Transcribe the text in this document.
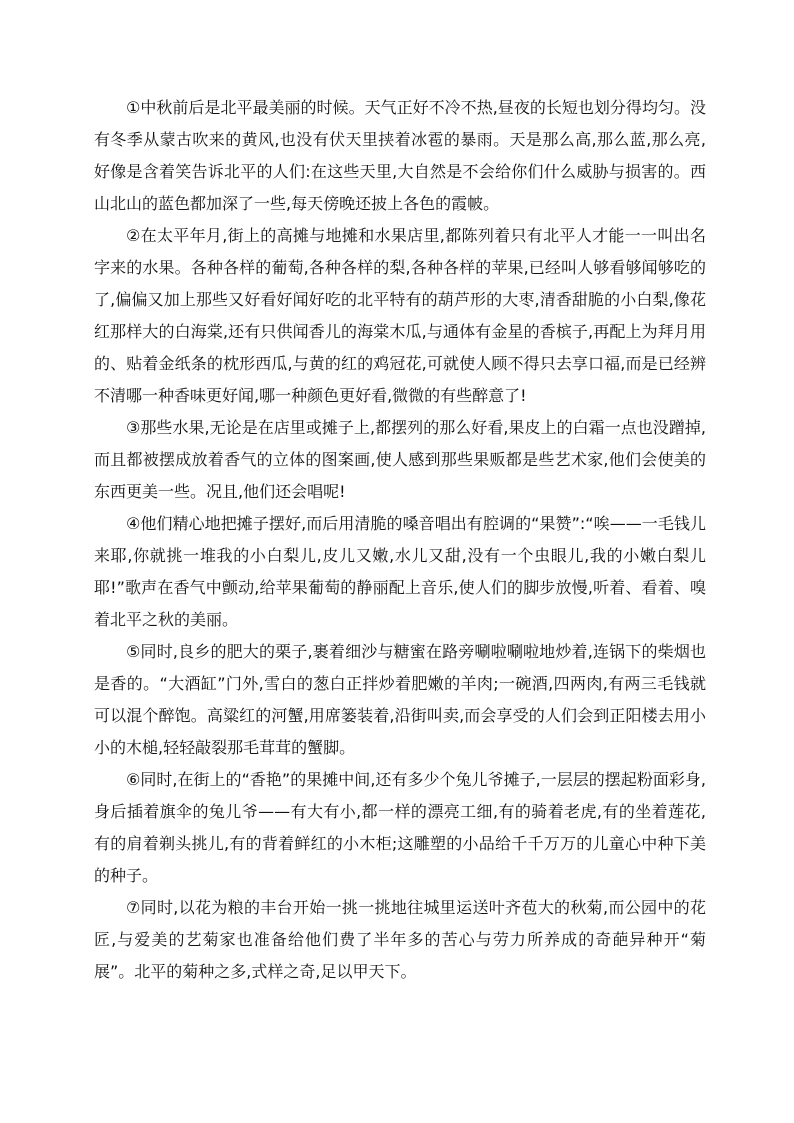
①中秋前后是北平最美丽的时候。天气正好不冷不热,昼夜的长短也划分得均匀。没有冬季从蒙古吹来的黄风,也没有伏天里挟着冰雹的暴雨。天是那么高,那么蓝,那么亮,好像是含着笑告诉北平的人们:在这些天里,大自然是不会给你们什么威胁与损害的。西山北山的蓝色都加深了一些,每天傍晚还披上各色的霞帔。

②在太平年月,街上的高摊与地摊和水果店里,都陈列着只有北平人才能一一叫出名字来的水果。各种各样的葡萄,各种各样的梨,各种各样的苹果,已经叫人够看够闻够吃的了,偏偏又加上那些又好看好闻好吃的北平特有的葫芦形的大枣,清香甜脆的小白梨,像花红那样大的白海棠,还有只供闻香儿的海棠木瓜,与通体有金星的香槟子,再配上为拜月用的、贴着金纸条的枕形西瓜,与黄的红的鸡冠花,可就使人顾不得只去享口福,而是已经辨不清哪一种香味更好闻,哪一种颜色更好看,微微的有些醉意了!

③那些水果,无论是在店里或摊子上,都摆列的那么好看,果皮上的白霜一点也没蹭掉,而且都被摆成放着香气的立体的图案画,使人感到那些果贩都是些艺术家,他们会使美的东西更美一些。况且,他们还会唱呢!

④他们精心地把摊子摆好,而后用清脆的嗓音唱出有腔调的“果赞”:“唉——一毛钱儿来耶,你就挑一堆我的小白梨儿,皮儿又嫩,水儿又甜,没有一个虫眼儿,我的小嫩白梨儿耶!”歌声在香气中颤动,给苹果葡萄的静丽配上音乐,使人们的脚步放慢,听着、看着、嗅着北平之秋的美丽。

⑤同时,良乡的肥大的栗子,裹着细沙与糖蜜在路旁唰啦唰啦地炒着,连锅下的柴烟也是香的。“大酒缸”门外,雪白的葱白正拌炒着肥嫩的羊肉;一碗酒,四两肉,有两三毛钱就可以混个醉饱。高粱红的河蟹,用席篓装着,沿街叫卖,而会享受的人们会到正阳楼去用小小的木槌,轻轻敲裂那毛茸茸的蟹脚。

⑥同时,在街上的“香艳”的果摊中间,还有多少个兔儿爷摊子,一层层的摆起粉面彩身,身后插着旗伞的兔儿爷——有大有小,都一样的漂亮工细,有的骑着老虎,有的坐着莲花,有的肩着剃头挑儿,有的背着鲜红的小木柜;这雕塑的小品给千千万万的儿童心中种下美的种子。

⑦同时,以花为粮的丰台开始一挑一挑地往城里运送叶齐苞大的秋菊,而公园中的花匠,与爱美的艺菊家也准备给他们费了半年多的苦心与劳力所养成的奇葩异种开“菊展”。北平的菊种之多,式样之奇,足以甲天下。
